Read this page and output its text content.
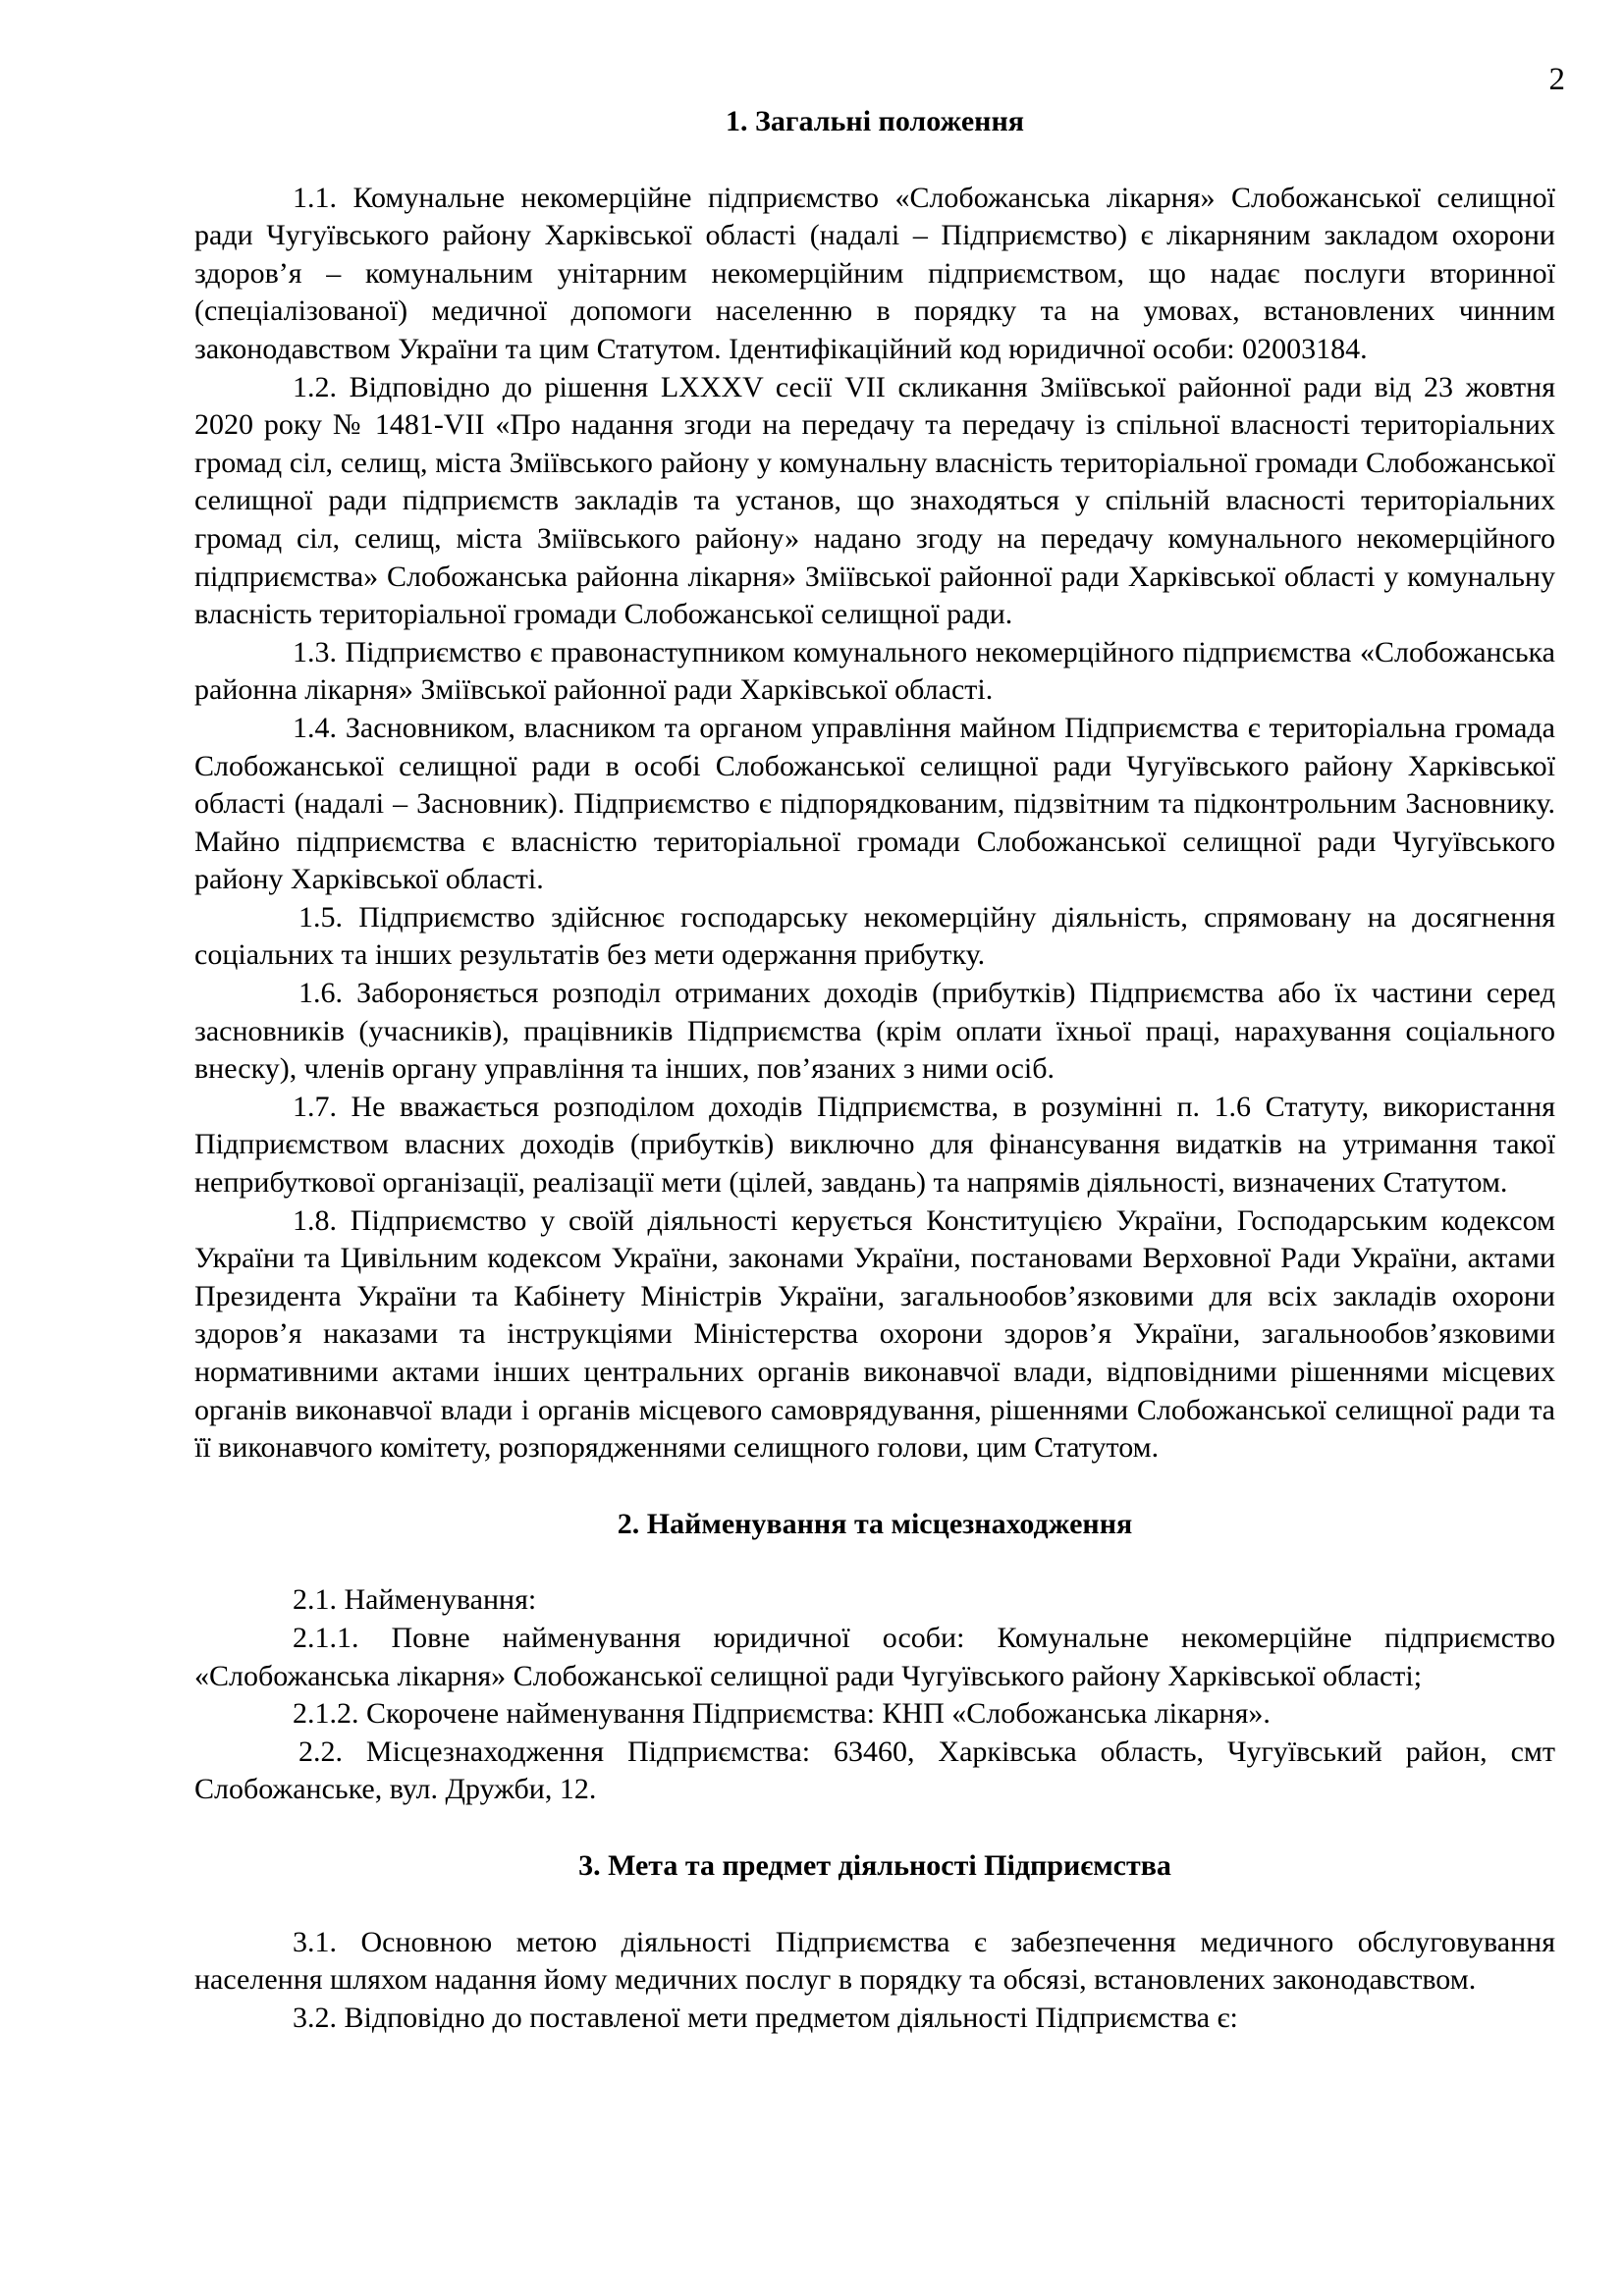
2

1. Загальні положення

1.1. Комунальне некомерційне підприємство «Слобожанська лікарня» Слобожанської селищної ради Чугуївського району Харківської області (надалі – Підприємство) є лікарняним закладом охорони здоров’я – комунальним унітарним некомерційним підприємством, що надає послуги вторинної (спеціалізованої) медичної допомоги населенню в порядку та на умовах, встановлених чинним законодавством України та цим Статутом. Ідентифікаційний код юридичної особи: 02003184.

1.2. Відповідно до рішення LXXXV сесії VII скликання Зміївської районної ради від 23 жовтня 2020 року № 1481-VII «Про надання згоди на передачу та передачу із спільної власності територіальних громад сіл, селищ, міста Зміївського району у комунальну власність територіальної громади Слобожанської селищної ради підприємств закладів та установ, що знаходяться у спільній власності територіальних громад сіл, селищ, міста Зміївського району» надано згоду на передачу комунального некомерційного підприємства» Слобожанська районна лікарня» Зміївської районної ради Харківської області у комунальну власність територіальної громади Слобожанської селищної ради.

1.3. Підприємство є правонаступником комунального некомерційного підприємства «Слобожанська районна лікарня» Зміївської районної ради Харківської області.

1.4. Засновником, власником та органом управління майном Підприємства є територіальна громада Слобожанської селищної ради в особі Слобожанської селищної ради Чугуївського району Харківської області (надалі – Засновник). Підприємство є підпорядкованим, підзвітним та підконтрольним Засновнику. Майно підприємства є власністю територіальної громади Слобожанської селищної ради Чугуївського району Харківської області.

1.5. Підприємство здійснює господарську некомерційну діяльність, спрямовану на досягнення соціальних та інших результатів без мети одержання прибутку.

1.6. Забороняється розподіл отриманих доходів (прибутків) Підприємства або їх частини серед засновників (учасників), працівників Підприємства (крім оплати їхньої праці, нарахування соціального внеску), членів органу управління та інших, пов’язаних з ними осіб.

1.7. Не вважається розподілом доходів Підприємства, в розумінні п. 1.6 Статуту, використання Підприємством власних доходів (прибутків) виключно для фінансування видатків на утримання такої неприбуткової організації, реалізації мети (цілей, завдань) та напрямів діяльності, визначених Статутом.

1.8. Підприємство у своїй діяльності керується Конституцією України, Господарським кодексом України та Цивільним кодексом України, законами України, постановами Верховної Ради України, актами Президента України та Кабінету Міністрів України, загальнообов’язковими для всіх закладів охорони здоров’я наказами та інструкціями Міністерства охорони здоров’я України, загальнообов’язковими нормативними актами інших центральних органів виконавчої влади, відповідними рішеннями місцевих органів виконавчої влади і органів місцевого самоврядування, рішеннями Слобожанської селищної ради та її виконавчого комітету, розпорядженнями селищного голови, цим Статутом.

2. Найменування та місцезнаходження

2.1. Найменування:

2.1.1. Повне найменування юридичної особи: Комунальне некомерційне підприємство «Слобожанська лікарня» Слобожанської селищної ради Чугуївського району Харківської області;

2.1.2. Скорочене найменування Підприємства: КНП «Слобожанська лікарня».

2.2. Місцезнаходження Підприємства: 63460, Харківська область, Чугуївський район, смт Слобожанське, вул. Дружби, 12.

3. Мета та предмет діяльності Підприємства

3.1. Основною метою діяльності Підприємства є забезпечення медичного обслуговування населення шляхом надання йому медичних послуг в порядку та обсязі, встановлених законодавством.

3.2. Відповідно до поставленої мети предметом діяльності Підприємства є:
